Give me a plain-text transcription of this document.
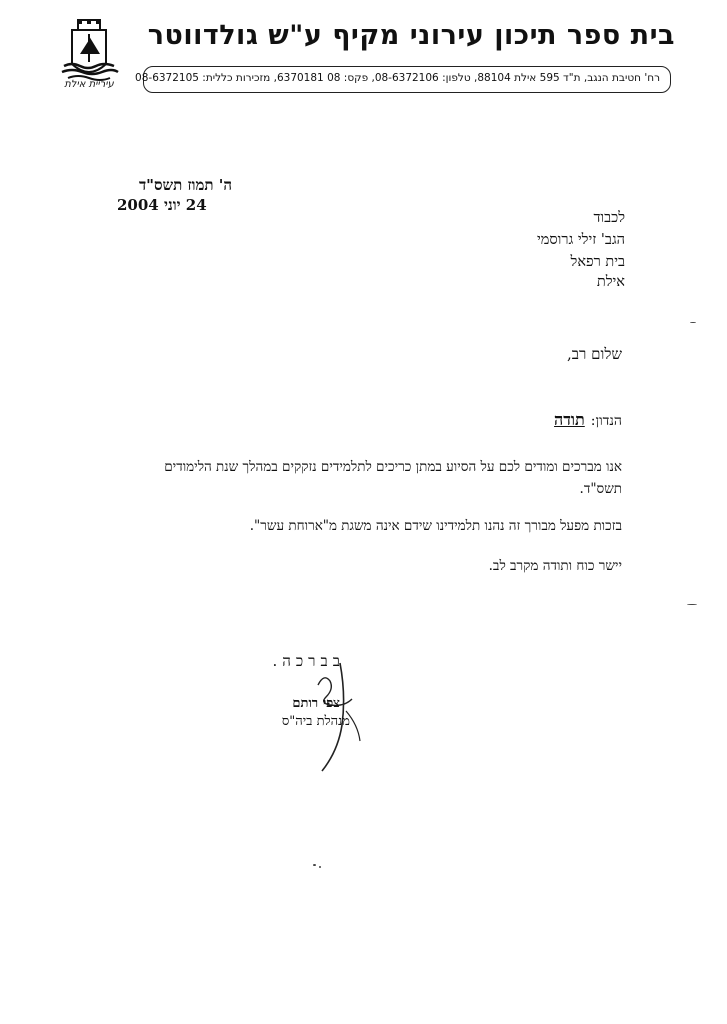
בית ספר תיכון עירוני מקיף ע"ש גולדווטר
עיריית אילת
רח' חטיבת הנגב, ת"ד 595 אילת 88104, טלפון: 08-6372106, פקס: 08 6370181, מזכירות כללית: 08-6372105
ה' תמוז תשס"ד
24 יוני 2004
לכבוד
הגב' זילי גרוסמי
בית רפאל
אילת
שלום רב,
הנדון:תודה
אנו מברכים ומודים לכם על הסיוע במתן כריכים לתלמידים נזקקים במהלך שנת הלימודים תשס"ד.
בזכות מפעל מבורך זה נהנו תלמידינו שידם אינה משגת מ"ארוחת עשר".
יישר כוח ותודה מקרב לב.
בברכה.
צפי רותם
מנהלת ביה"ס
